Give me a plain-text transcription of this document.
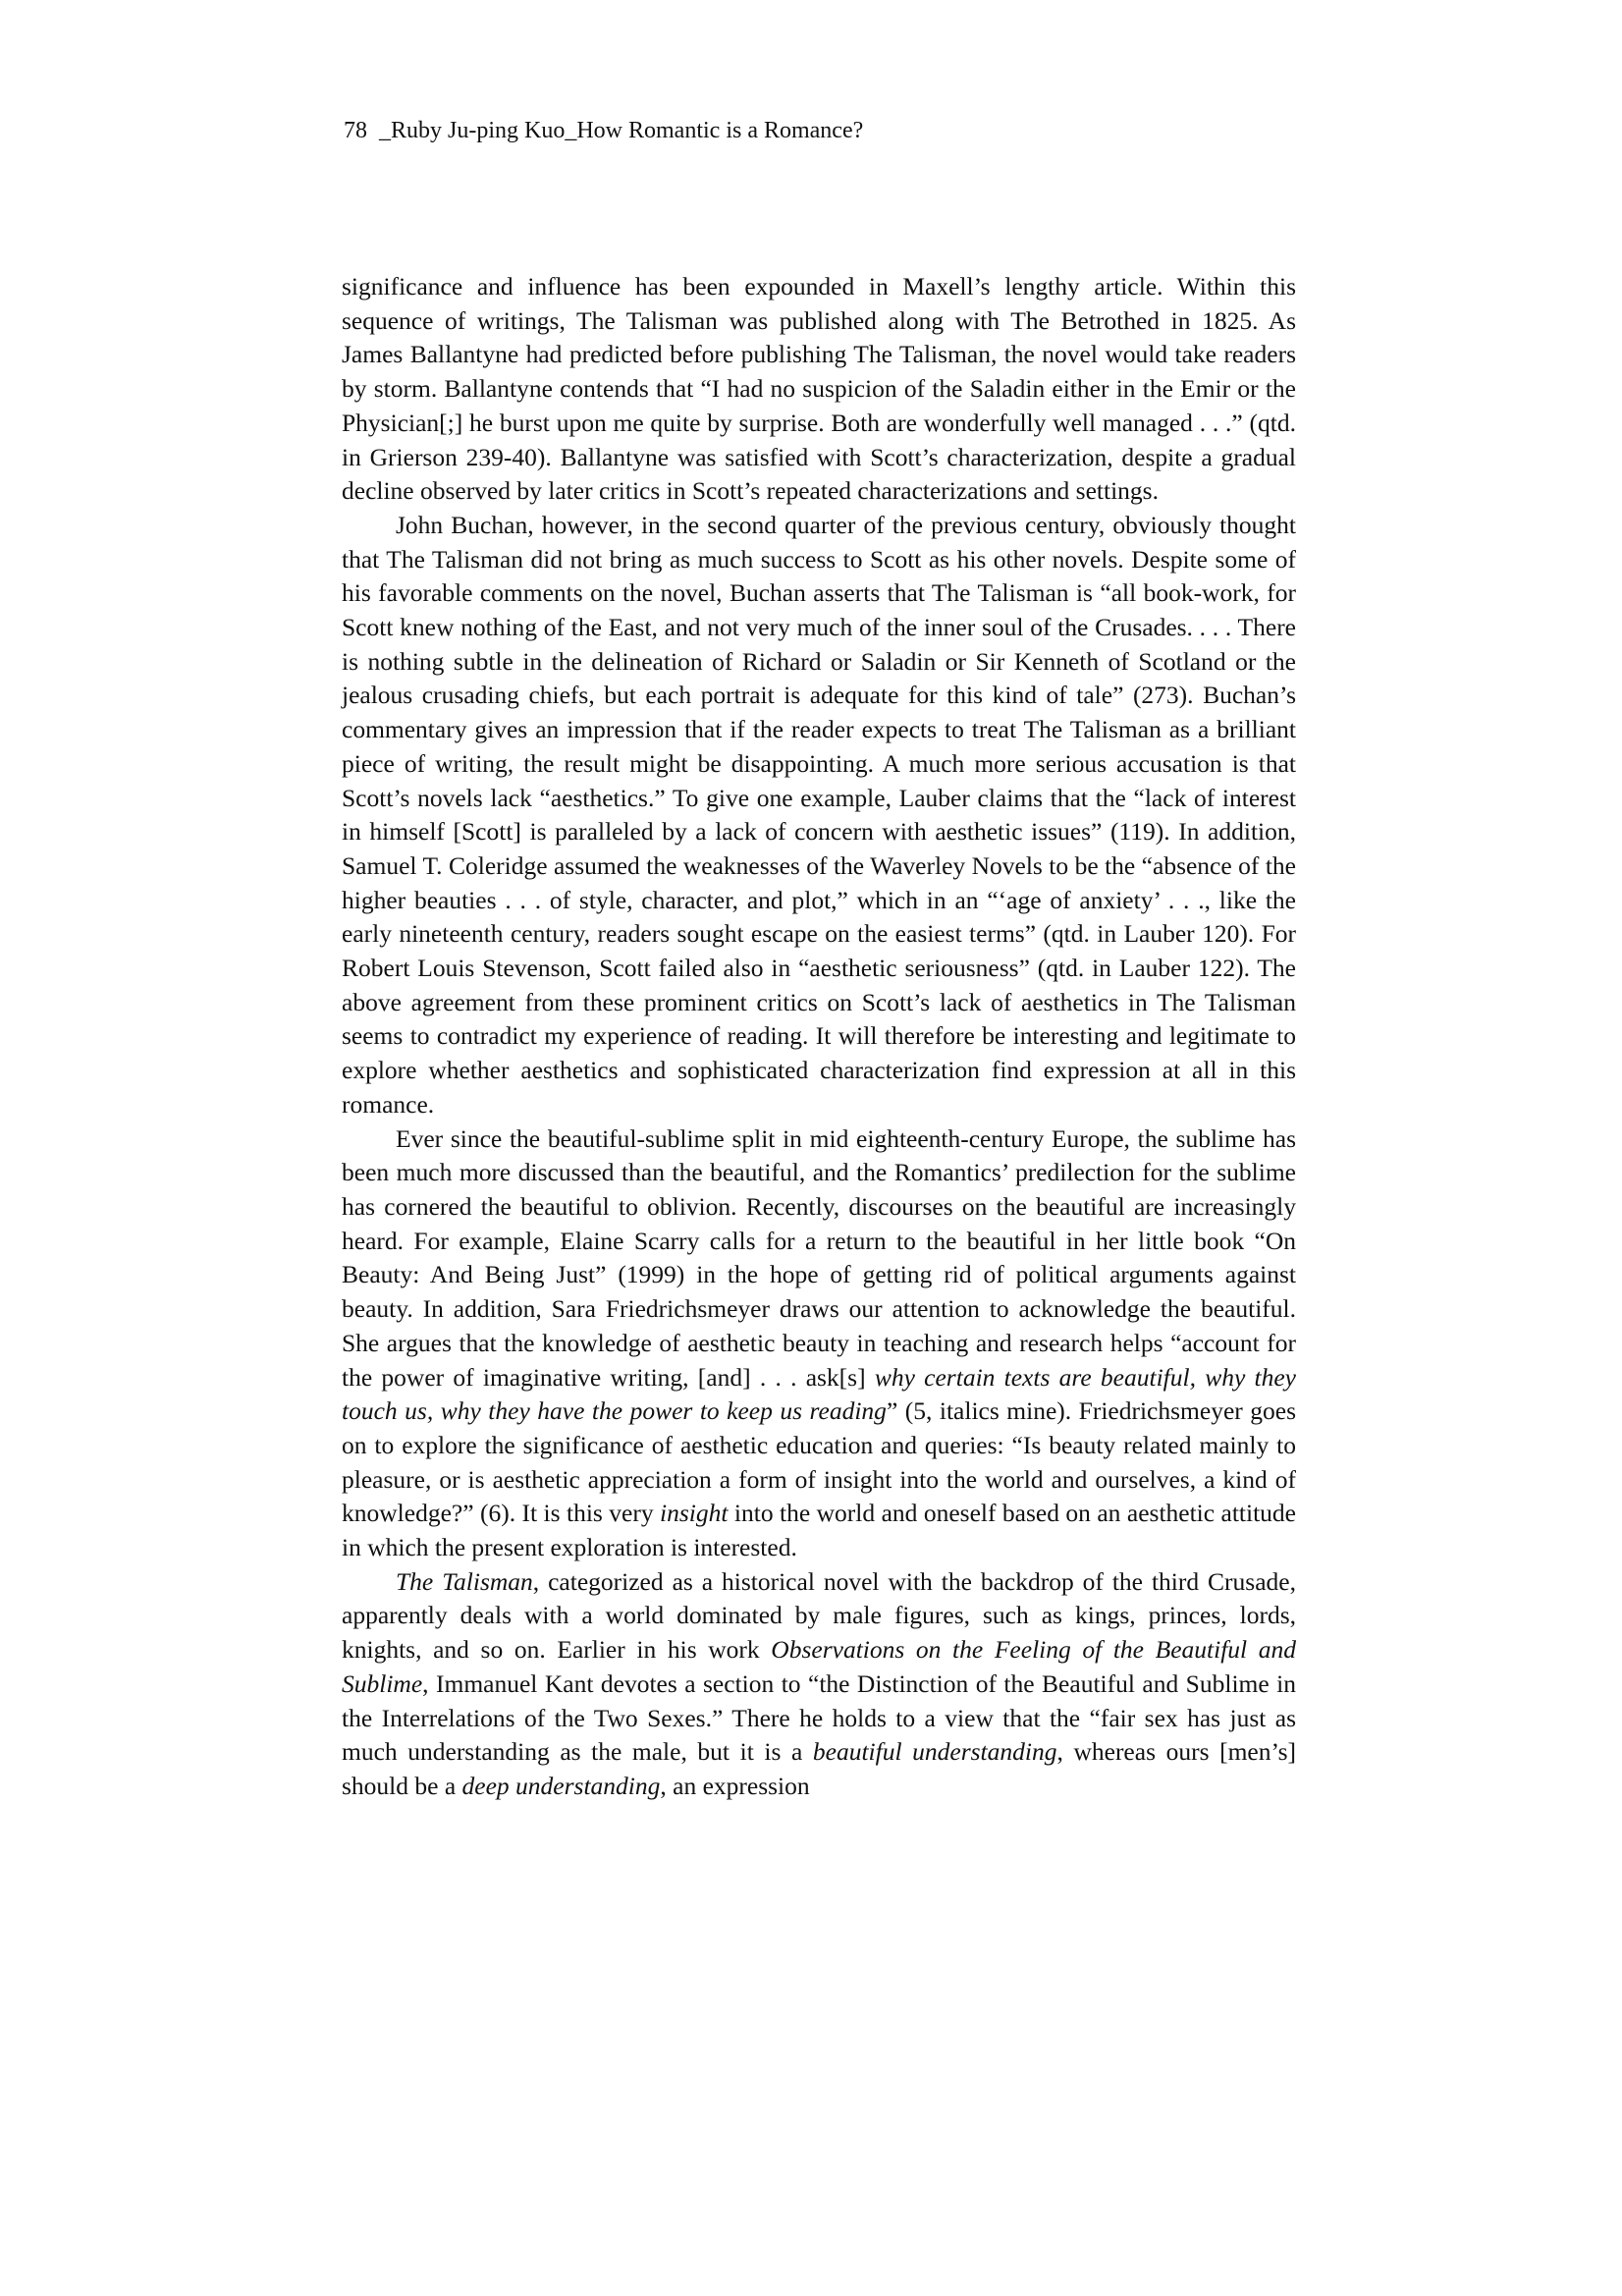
78 _Ruby Ju-ping Kuo_How Romantic is a Romance?

significance and influence has been expounded in Maxell’s lengthy article. Within this sequence of writings, The Talisman was published along with The Betrothed in 1825. As James Ballantyne had predicted before publishing The Talisman, the novel would take readers by storm. Ballantyne contends that “I had no suspicion of the Saladin either in the Emir or the Physician[;] he burst upon me quite by surprise. Both are wonderfully well managed . . .” (qtd. in Grierson 239-40). Ballantyne was satisfied with Scott’s characterization, despite a gradual decline observed by later critics in Scott’s repeated characterizations and settings.

John Buchan, however, in the second quarter of the previous century, obviously thought that The Talisman did not bring as much success to Scott as his other novels. Despite some of his favorable comments on the novel, Buchan asserts that The Talisman is “all book-work, for Scott knew nothing of the East, and not very much of the inner soul of the Crusades. . . . There is nothing subtle in the delineation of Richard or Saladin or Sir Kenneth of Scotland or the jealous crusading chiefs, but each portrait is adequate for this kind of tale” (273). Buchan’s commentary gives an impression that if the reader expects to treat The Talisman as a brilliant piece of writing, the result might be disappointing. A much more serious accusation is that Scott’s novels lack “aesthetics.” To give one example, Lauber claims that the “lack of interest in himself [Scott] is paralleled by a lack of concern with aesthetic issues” (119). In addition, Samuel T. Coleridge assumed the weaknesses of the Waverley Novels to be the “absence of the higher beauties . . . of style, character, and plot,” which in an “‘age of anxiety’ . . ., like the early nineteenth century, readers sought escape on the easiest terms” (qtd. in Lauber 120). For Robert Louis Stevenson, Scott failed also in “aesthetic seriousness” (qtd. in Lauber 122). The above agreement from these prominent critics on Scott’s lack of aesthetics in The Talisman seems to contradict my experience of reading. It will therefore be interesting and legitimate to explore whether aesthetics and sophisticated characterization find expression at all in this romance.

Ever since the beautiful-sublime split in mid eighteenth-century Europe, the sublime has been much more discussed than the beautiful, and the Romantics’ predilection for the sublime has cornered the beautiful to oblivion. Recently, discourses on the beautiful are increasingly heard. For example, Elaine Scarry calls for a return to the beautiful in her little book “On Beauty: And Being Just” (1999) in the hope of getting rid of political arguments against beauty. In addition, Sara Friedrichsmeyer draws our attention to acknowledge the beautiful. She argues that the knowledge of aesthetic beauty in teaching and research helps “account for the power of imaginative writing, [and] . . . ask[s] why certain texts are beautiful, why they touch us, why they have the power to keep us reading” (5, italics mine). Friedrichsmeyer goes on to explore the significance of aesthetic education and queries: “Is beauty related mainly to pleasure, or is aesthetic appreciation a form of insight into the world and ourselves, a kind of knowledge?” (6). It is this very insight into the world and oneself based on an aesthetic attitude in which the present exploration is interested.

The Talisman, categorized as a historical novel with the backdrop of the third Crusade, apparently deals with a world dominated by male figures, such as kings, princes, lords, knights, and so on. Earlier in his work Observations on the Feeling of the Beautiful and Sublime, Immanuel Kant devotes a section to “the Distinction of the Beautiful and Sublime in the Interrelations of the Two Sexes.” There he holds to a view that the “fair sex has just as much understanding as the male, but it is a beautiful understanding, whereas ours [men’s] should be a deep understanding, an expression
